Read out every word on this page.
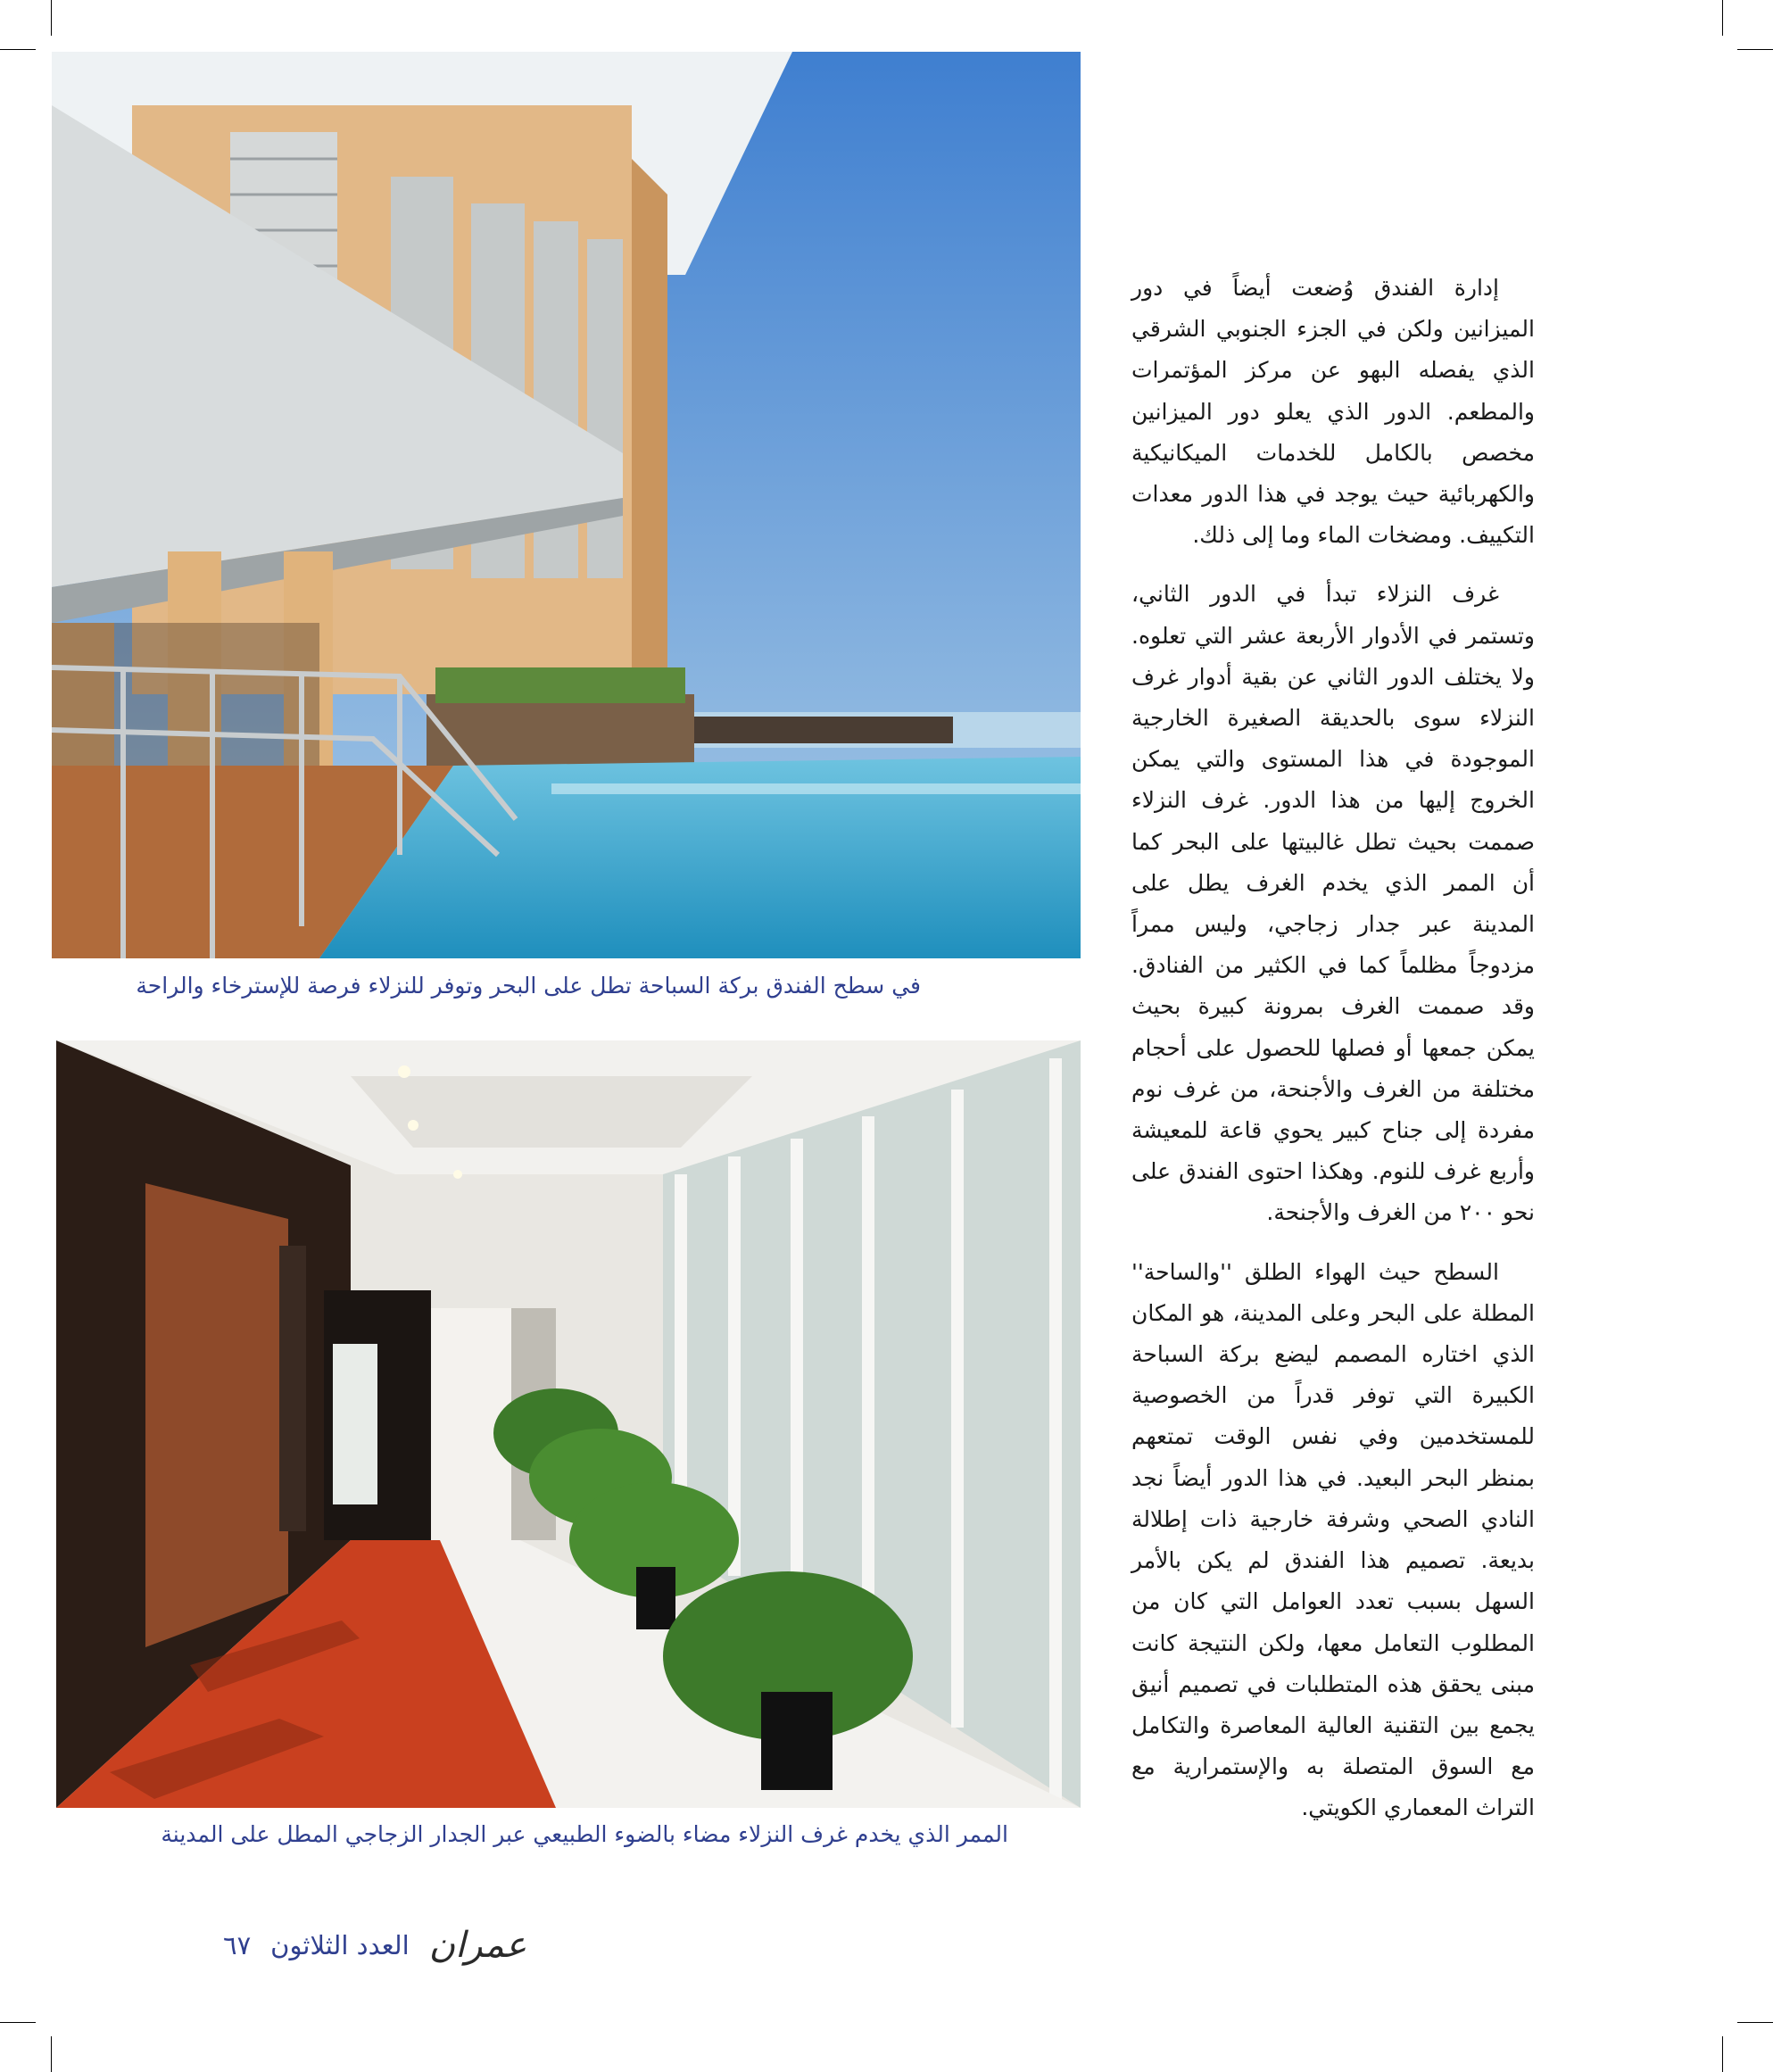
في سطح الفندق بركة السباحة تطل على البحر وتوفر للنزلاء فرصة للإسترخاء والراحة
الممر الذي يخدم غرف النزلاء مضاء بالضوء الطبيعي عبر الجدار الزجاجي المطل على المدينة

إدارة الفندق وُضعت أيضاً في دور الميزانين ولكن في الجزء الجنوبي الشرقي الذي يفصله البهو عن مركز المؤتمرات والمطعم. الدور الذي يعلو دور الميزانين مخصص بالكامل للخدمات الميكانيكية والكهربائية حيث يوجد في هذا الدور معدات التكييف. ومضخات الماء وما إلى ذلك.

غرف النزلاء تبدأ في الدور الثاني، وتستمر في الأدوار الأربعة عشر التي تعلوه. ولا يختلف الدور الثاني عن بقية أدوار غرف النزلاء سوى بالحديقة الصغيرة الخارجية الموجودة في هذا المستوى والتي يمكن الخروج إليها من هذا الدور. غرف النزلاء صممت بحيث تطل غالبيتها على البحر كما أن الممر الذي يخدم الغرف يطل على المدينة عبر جدار زجاجي، وليس ممراً مزدوجاً مظلماً كما في الكثير من الفنادق. وقد صممت الغرف بمرونة كبيرة بحيث يمكن جمعها أو فصلها للحصول على أحجام مختلفة من الغرف والأجنحة، من غرف نوم مفردة إلى جناح كبير يحوي قاعة للمعيشة وأربع غرف للنوم. وهكذا احتوى الفندق على نحو ٢٠٠ من الغرف والأجنحة.

السطح حيث الهواء الطلق ''والساحة'' المطلة على البحر وعلى المدينة، هو المكان الذي اختاره المصمم ليضع بركة السباحة الكبيرة التي توفر قدراً من الخصوصية للمستخدمين وفي نفس الوقت تمتعهم بمنظر البحر البعيد. في هذا الدور أيضاً نجد النادي الصحي وشرفة خارجية ذات إطلالة بديعة. تصميم هذا الفندق لم يكن بالأمر السهل بسبب تعدد العوامل التي كان من المطلوب التعامل معها، ولكن النتيجة كانت مبنى يحقق هذه المتطلبات في تصميم أنيق يجمع بين التقنية العالية المعاصرة والتكامل مع السوق المتصلة به والإستمرارية مع التراث المعماري الكويتي.

عمران
العدد الثلاثون
٦٧
